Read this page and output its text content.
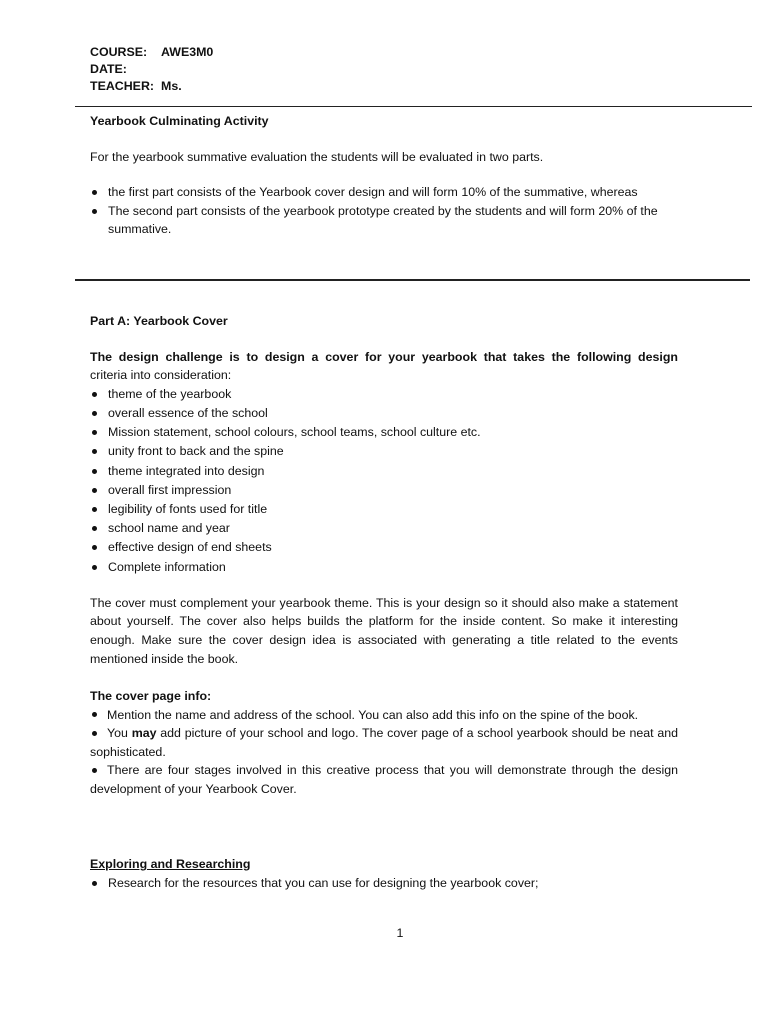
COURSE:	AWE3M0
DATE:
TEACHER: Ms.

Yearbook Culminating Activity

For the yearbook summative evaluation the students will be evaluated in two parts.

the first part consists of the Yearbook cover design and will form 10% of the summative, whereas
The second part consists of the yearbook prototype created by the students and will form 20% of the summative.

Part A: Yearbook Cover

The design challenge is to design a cover for your yearbook that takes the following design

criteria into consideration:

theme of the yearbook
overall essence of the school
Mission statement, school colours, school teams, school culture etc.
unity front to back and the spine
theme integrated into design
overall first impression
legibility of fonts used for title
school name and year
effective design of end sheets
Complete information

The cover must complement your yearbook theme. This is your design so it should also make a statement about yourself. The cover also helps builds the platform for the inside content. So make it interesting enough. Make sure the cover design idea is associated with generating a title related to the events mentioned inside the book.

The cover page info:

Mention the name and address of the school. You can also add this info on the spine of the book.

You may add picture of your school and logo. The cover page of a school yearbook should be neat and sophisticated.

There are four stages involved in this creative process that you will demonstrate through the design development of your Yearbook Cover.

Exploring and Researching

Research for the resources that you can use for designing the yearbook cover;
1
